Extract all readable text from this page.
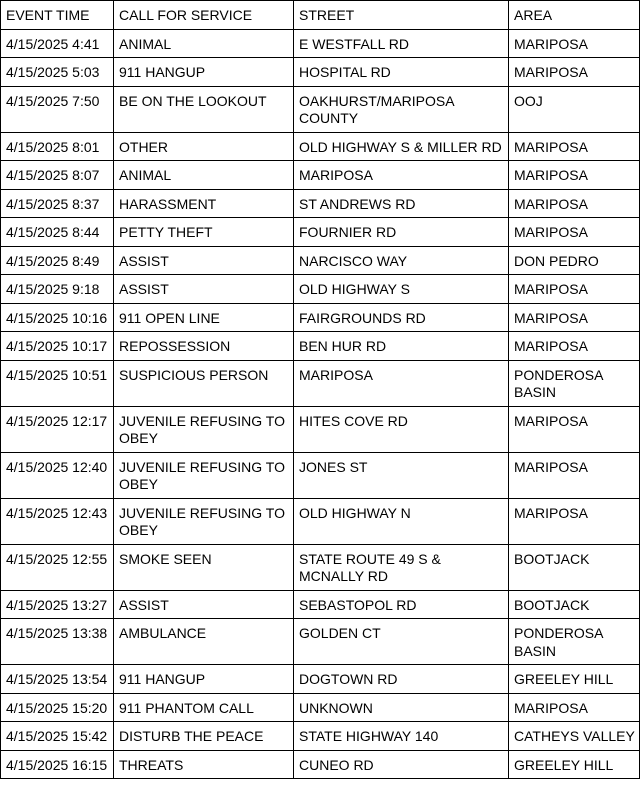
EVENT TIME	CALL FOR SERVICE	STREET	AREA
4/15/2025 4:41	ANIMAL	E WESTFALL RD	MARIPOSA
4/15/2025 5:03	911 HANGUP	HOSPITAL RD	MARIPOSA
4/15/2025 7:50	BE ON THE LOOKOUT	OAKHURST/MARIPOSA COUNTY	OOJ
4/15/2025 8:01	OTHER	OLD HIGHWAY S & MILLER RD	MARIPOSA
4/15/2025 8:07	ANIMAL	MARIPOSA	MARIPOSA
4/15/2025 8:37	HARASSMENT	ST ANDREWS RD	MARIPOSA
4/15/2025 8:44	PETTY THEFT	FOURNIER RD	MARIPOSA
4/15/2025 8:49	ASSIST	NARCISCO WAY	DON PEDRO
4/15/2025 9:18	ASSIST	OLD HIGHWAY S	MARIPOSA
4/15/2025 10:16	911 OPEN LINE	FAIRGROUNDS RD	MARIPOSA
4/15/2025 10:17	REPOSSESSION	BEN HUR RD	MARIPOSA
4/15/2025 10:51	SUSPICIOUS PERSON	MARIPOSA	PONDEROSA BASIN
4/15/2025 12:17	JUVENILE REFUSING TO OBEY	HITES COVE RD	MARIPOSA
4/15/2025 12:40	JUVENILE REFUSING TO OBEY	JONES ST	MARIPOSA
4/15/2025 12:43	JUVENILE REFUSING TO OBEY	OLD HIGHWAY N	MARIPOSA
4/15/2025 12:55	SMOKE SEEN	STATE ROUTE 49 S & MCNALLY RD	BOOTJACK
4/15/2025 13:27	ASSIST	SEBASTOPOL RD	BOOTJACK
4/15/2025 13:38	AMBULANCE	GOLDEN CT	PONDEROSA BASIN
4/15/2025 13:54	911 HANGUP	DOGTOWN RD	GREELEY HILL
4/15/2025 15:20	911 PHANTOM CALL	UNKNOWN	MARIPOSA
4/15/2025 15:42	DISTURB THE PEACE	STATE HIGHWAY 140	CATHEYS VALLEY
4/15/2025 16:15	THREATS	CUNEO RD	GREELEY HILL
